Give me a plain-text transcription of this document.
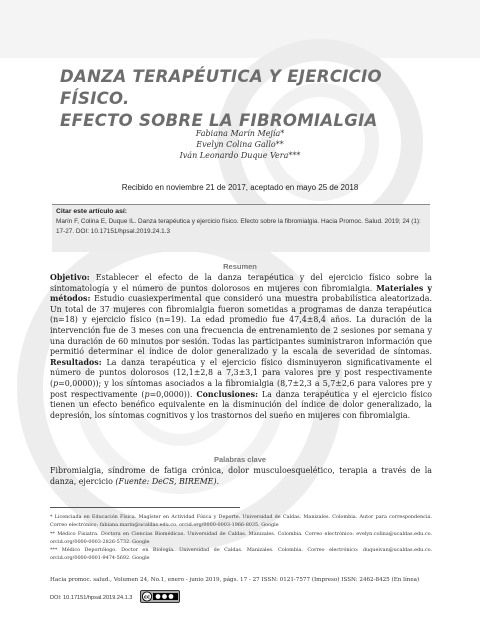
DANZA TERAPÉUTICA Y EJERCICIO FÍSICO.
EFECTO SOBRE LA FIBROMIALGIA
Fabiana Marín Mejía*
Evelyn Colina Gallo**
Iván Leonardo Duque Vera***
Recibido en noviembre 21 de 2017, aceptado en mayo 25 de 2018
Citar este artículo así:
Marín F, Colina E, Duque IL. Danza terapéutica y ejercicio físico. Efecto sobre la fibromialgia. Hacia Promoc. Salud. 2019; 24 (1): 17-27. DOI: 10.17151/hpsal.2019.24.1.3
Resumen
Objetivo: Establecer el efecto de la danza terapéutica y del ejercicio físico sobre la sintomatología y el número de puntos dolorosos en mujeres con fibromialgia. Materiales y métodos: Estudio cuasiexperimental que consideró una muestra probabilística aleatorizada. Un total de 37 mujeres con fibromialgia fueron sometidas a programas de danza terapéutica (n=18) y ejercicio físico (n=19). La edad promedio fue 47,4±8,4 años. La duración de la intervención fue de 3 meses con una frecuencia de entrenamiento de 2 sesiones por semana y una duración de 60 minutos por sesión. Todas las participantes suministraron información que permitió determinar el índice de dolor generalizado y la escala de severidad de síntomas. Resultados: La danza terapéutica y el ejercicio físico disminuyeron significativamente el número de puntos dolorosos (12,1±2,8 a 7,3±3,1 para valores pre y post respectivamente (p=0,0000)); y los síntomas asociados a la fibromialgia (8,7±2,3 a 5,7±2,6 para valores pre y post respectivamente (p=0,0000)). Conclusiones: La danza terapéutica y el ejercicio físico tienen un efecto benéfico equivalente en la disminución del índice de dolor generalizado, la depresión, los síntomas cognitivos y los trastornos del sueño en mujeres con fibromialgia.
Palabras clave
Fibromialgia, síndrome de fatiga crónica, dolor musculoesquelético, terapia a través de la danza, ejercicio (Fuente: DeCS, BIREME).

* Licenciada en Educación Física. Magíster en Actividad Física y Deporte. Universidad de Caldas. Manizales. Colombia. Autor para correspondencia. Correo electrónico: fabiana.marin@ucaldas.edu.co. orcid.org/0000-0003-1966-8035. Google

** Médico Fisiatra. Doctora en Ciencias Biomédicas. Universidad de Caldas. Manizales. Colombia. Correo electrónico: evelyn.colina@ucaldas.edu.co. orcid.org/0000-0003-2826-5732. Google

*** Médico Deportólogo. Doctor en Biología. Universidad de Caldas. Manizales. Colombia. Correo electrónico: duqueivan@ucaldas.edu.co. orcid.org/0000-0001-9474-5692. Google

Hacia promoc. salud., Volumen 24, No.1, enero - junio 2019, págs. 17 - 27 ISSN: 0121-7577 (Impreso) ISSN: 2462-8425 (En línea)
DOI: 10.17151/hpsal.2019.24.1.3 cc
